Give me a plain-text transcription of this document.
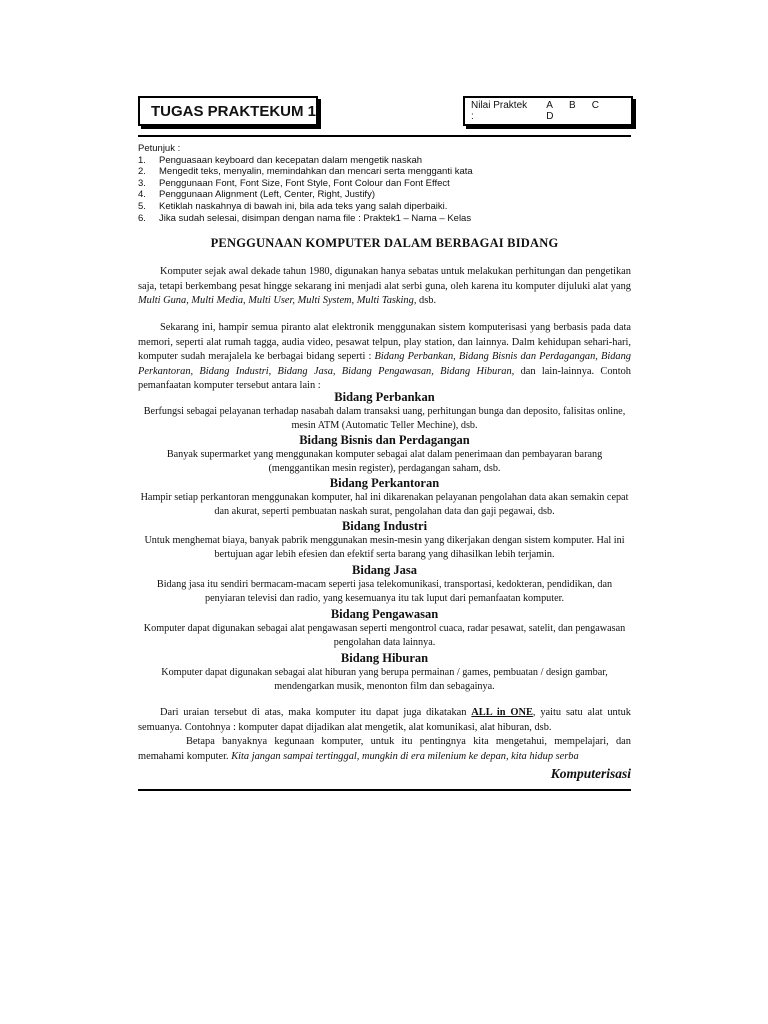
TUGAS PRAKTEKUM 1	Nilai Praktek :
A B C D
Petunjuk :
1.	Penguasaan keyboard dan kecepatan dalam mengetik naskah
2.	Mengedit teks, menyalin, memindahkan dan mencari serta mengganti kata
3.	Penggunaan Font, Font Size, Font Style, Font Colour dan Font Effect
4.	Penggunaan Alignment (Left, Center, Right, Justify)
5.	Ketiklah naskahnya di bawah ini, bila ada teks yang salah diperbaiki.
6.	Jika sudah selesai, disimpan dengan nama file : Praktek1 – Nama – Kelas
PENGGUNAAN KOMPUTER DALAM BERBAGAI BIDANG
Komputer sejak awal dekade tahun 1980, digunakan hanya sebatas untuk melakukan perhitungan dan pengetikan saja, tetapi berkembang pesat hingge sekarang ini menjadi alat serbi guna, oleh karena itu komputer dijuluki alat yang Multi Guna, Multi Media, Multi User, Multi System, Multi Tasking, dsb.
Sekarang ini, hampir semua piranto alat elektronik menggunakan sistem komputerisasi yang berbasis pada data memori, seperti alat rumah tagga, audia video, pesawat telpun, play station, dan lainnya. Dalm kehidupan sehari-hari, komputer sudah merajalela ke berbagai bidang seperti : Bidang Perbankan, Bidang Bisnis dan Perdagangan, Bidang Perkantoran, Bidang Industri, Bidang Jasa, Bidang Pengawasan, Bidang Hiburan, dan lain-lainnya. Contoh pemanfaatan komputer tersebut antara lain :
Bidang Perbankan
Berfungsi sebagai pelayanan terhadap nasabah dalam transaksi uang, perhitungan bunga dan deposito, falisitas online, mesin ATM (Automatic Teller Mechine), dsb.
Bidang Bisnis dan Perdagangan
Banyak supermarket yang menggunakan komputer sebagai alat dalam penerimaan dan pembayaran barang (menggantikan mesin register), perdagangan saham, dsb.
Bidang Perkantoran
Hampir setiap perkantoran menggunakan komputer, hal ini dikarenakan pelayanan pengolahan data akan semakin cepat dan akurat, seperti pembuatan naskah surat, pengolahan data dan gaji pegawai, dsb.
Bidang Industri
Untuk menghemat biaya, banyak pabrik menggunakan mesin-mesin yang dikerjakan dengan sistem komputer. Hal ini bertujuan agar lebih efesien dan efektif serta barang yang dihasilkan lebih terjamin.
Bidang Jasa
Bidang jasa itu sendiri bermacam-macam seperti jasa telekomunikasi, transportasi, kedokteran, pendidikan, dan penyiaran televisi dan radio, yang kesemuanya itu tak luput dari pemanfaatan komputer.
Bidang Pengawasan
Komputer dapat digunakan sebagai alat pengawasan seperti mengontrol cuaca, radar pesawat, satelit, dan pengawasan pengolahan data lainnya.
Bidang Hiburan
Komputer dapat digunakan sebagai alat hiburan yang berupa permainan / games, pembuatan / design gambar, mendengarkan musik, menonton film dan sebagainya.
Dari uraian tersebut di atas, maka komputer itu dapat juga dikatakan ALL in ONE, yaitu satu alat untuk semuanya. Contohnya : komputer dapat dijadikan alat mengetik, alat komunikasi, alat hiburan, dsb.
Betapa banyaknya kegunaan komputer, untuk itu pentingnya kita mengetahui, mempelajari, dan memahami komputer. Kita jangan sampai tertinggal, mungkin di era milenium ke depan, kita hidup serba
Komputerisasi
